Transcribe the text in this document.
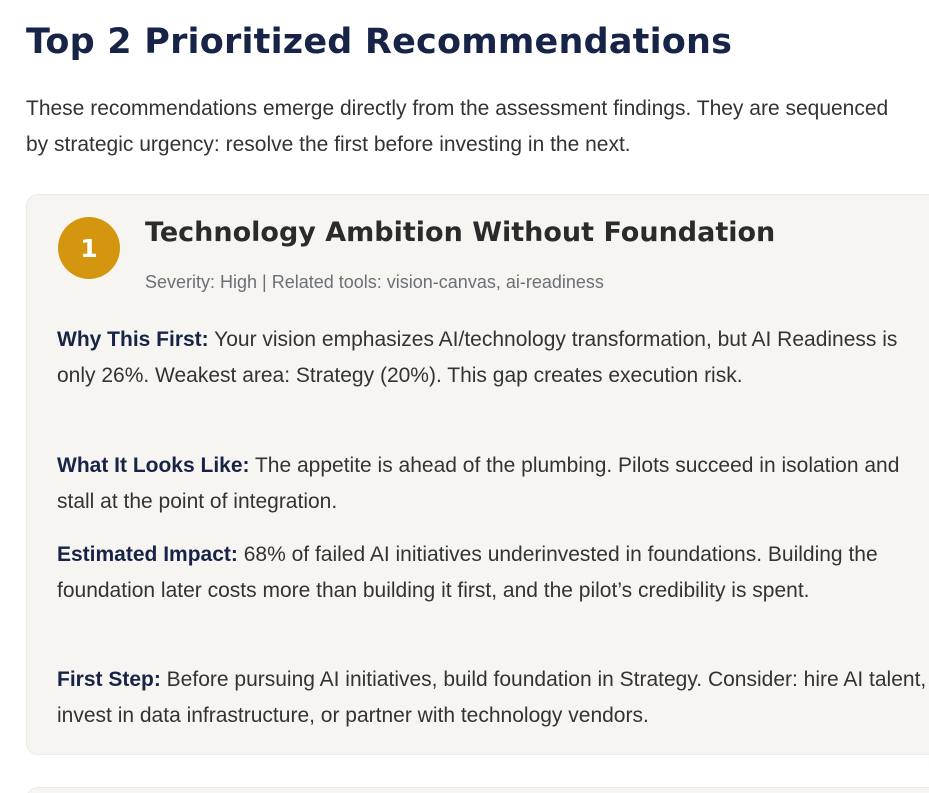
Top 2 Prioritized Recommendations

These recommendations emerge directly from the assessment findings. They are sequenced by strategic urgency: resolve the first before investing in the next.

1	Technology Ambition Without Foundation
Severity: High | Related tools: vision-canvas, ai-readiness

Why This First: Your vision emphasizes AI/technology transformation, but AI Readiness is only 26%. Weakest area: Strategy (20%). This gap creates execution risk.

What It Looks Like: The appetite is ahead of the plumbing. Pilots succeed in isolation and stall at the point of integration.

Estimated Impact: 68% of failed AI initiatives underinvested in foundations. Building the foundation later costs more than building it first, and the pilot’s credibility is spent.

First Step: Before pursuing AI initiatives, build foundation in Strategy. Consider: hire AI talent, invest in data infrastructure, or partner with technology vendors.
